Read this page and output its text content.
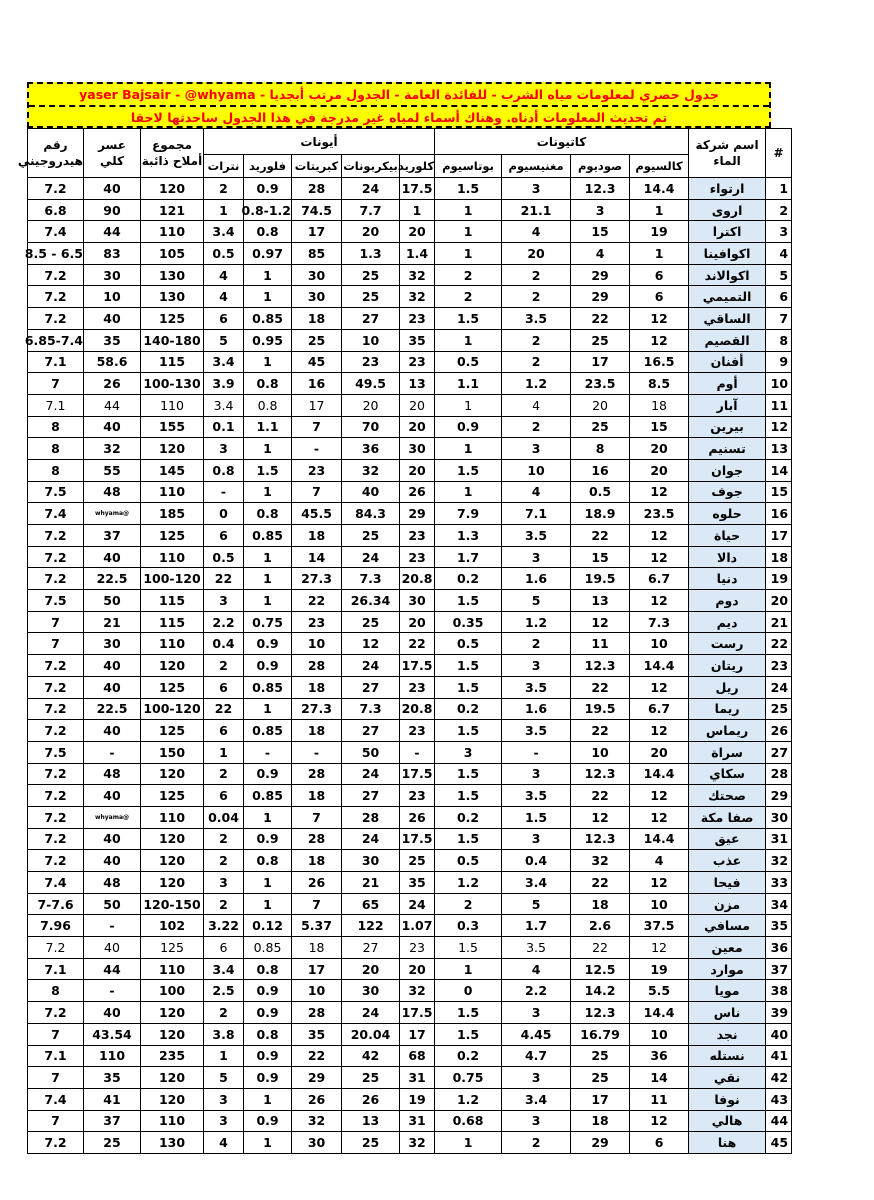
جدول حصري لمعلومات مياه الشرب - للفائدة العامة - الجدول مرتب أبجديا - yaser Bajsair - @whyama
تم تحديث المعلومات أدناه. وهناك أسماء لمياه غير مدرجة في هذا الجدول ساحدثها لاحقا
#	اسم شركة الماء	كاتيونات				أيونات					مجموع أملاح ذائبة	عسر كلي	رقم هيدروجيني
		كالسيوم	صوديوم	مغنيسيوم	بوتاسيوم	كلوريد	بيكربونات	كبريتات	فلوريد	نترات			
1	ارتواء	14.4	12.3	3	1.5	17.5	24	28	0.9	2	120	40	7.2
2	اروى	1	3	21.1	1	1	7.7	74.5	0.8-1.2	1	121	90	6.8
3	اكترا	19	15	4	1	20	20	17	0.8	3.4	110	44	7.4
4	اكوافينا	1	4	20	1	1.4	1.3	85	0.97	0.5	105	83	6.5 - 8.5
5	اكوالاند	6	29	2	2	32	25	30	1	4	130	30	7.2
6	التميمي	6	29	2	2	32	25	30	1	4	130	10	7.2
7	الساقي	12	22	3.5	1.5	23	27	18	0.85	6	125	40	7.2
8	القصيم	12	25	2	1	35	10	25	0.95	5	140-180	35	6.85-7.4
9	أفنان	16.5	17	2	0.5	23	23	45	1	3.4	115	58.6	7.1
10	أوم	8.5	23.5	1.2	1.1	13	49.5	16	0.8	3.9	100-130	26	7
11	آبار	18	20	4	1	20	20	17	0.8	3.4	110	44	7.1
12	بيرين	15	25	2	0.9	20	70	7	1.1	0.1	155	40	8
13	تسنيم	20	8	3	1	30	36	-	1	3	120	32	8
14	جوان	20	16	10	1.5	20	32	23	1.5	0.8	145	55	8
15	جوف	12	0.5	4	1	26	40	7	1	-	110	48	7.5
16	حلوه	23.5	18.9	7.1	7.9	29	84.3	45.5	0.8	0	185	@whyama	7.4
17	حياة	12	22	3.5	1.3	23	25	18	0.85	6	125	37	7.2
18	دالا	12	15	3	1.7	23	24	14	1	0.5	110	40	7.2
19	دنيا	6.7	19.5	1.6	0.2	20.8	7.3	27.3	1	22	100-120	22.5	7.2
20	دوم	12	13	5	1.5	30	26.34	22	1	3	115	50	7.5
21	ديم	7.3	12	1.2	0.35	20	25	23	0.75	2.2	115	21	7
22	رست	10	11	2	0.5	22	12	10	0.9	0.4	110	30	7
23	ريتان	14.4	12.3	3	1.5	17.5	24	28	0.9	2	120	40	7.2
24	ريل	12	22	3.5	1.5	23	27	18	0.85	6	125	40	7.2
25	ريما	6.7	19.5	1.6	0.2	20.8	7.3	27.3	1	22	100-120	22.5	7.2
26	ريماس	12	22	3.5	1.5	23	27	18	0.85	6	125	40	7.2
27	سراة	20	10	-	3	-	50	-	-	1	150	-	7.5
28	سكاي	14.4	12.3	3	1.5	17.5	24	28	0.9	2	120	48	7.2
29	صحتك	12	22	3.5	1.5	23	27	18	0.85	6	125	40	7.2
30	صفا مكة	12	12	1.5	0.2	26	28	7	1	0.04	110	@whyama	7.2
31	عيق	14.4	12.3	3	1.5	17.5	24	28	0.9	2	120	40	7.2
32	عذب	4	32	0.4	0.5	25	30	18	0.8	2	120	40	7.2
33	فيحا	12	22	3.4	1.2	35	21	26	1	3	120	48	7.4
34	مزن	10	18	5	2	24	65	7	1	2	120-150	50	7-7.6
35	مسافي	37.5	2.6	1.7	0.3	1.07	122	5.37	0.12	3.22	102	-	7.96
36	معين	12	22	3.5	1.5	23	27	18	0.85	6	125	40	7.2
37	موارد	19	12.5	4	1	20	20	17	0.8	3.4	110	44	7.1
38	مويا	5.5	14.2	2.2	0	32	30	10	0.9	2.5	100	-	8
39	ناس	14.4	12.3	3	1.5	17.5	24	28	0.9	2	120	40	7.2
40	نجد	10	16.79	4.45	1.5	17	20.04	35	0.8	3.8	120	43.54	7
41	نستله	36	25	4.7	0.2	68	42	22	0.9	1	235	110	7.1
42	نقي	14	25	3	0.75	31	25	29	0.9	5	120	35	7
43	نوفا	11	17	3.4	1.2	19	26	26	1	3	120	41	7.4
44	هالي	12	18	3	0.68	31	13	32	0.9	3	110	37	7
45	هنا	6	29	2	1	32	25	30	1	4	130	25	7.2
